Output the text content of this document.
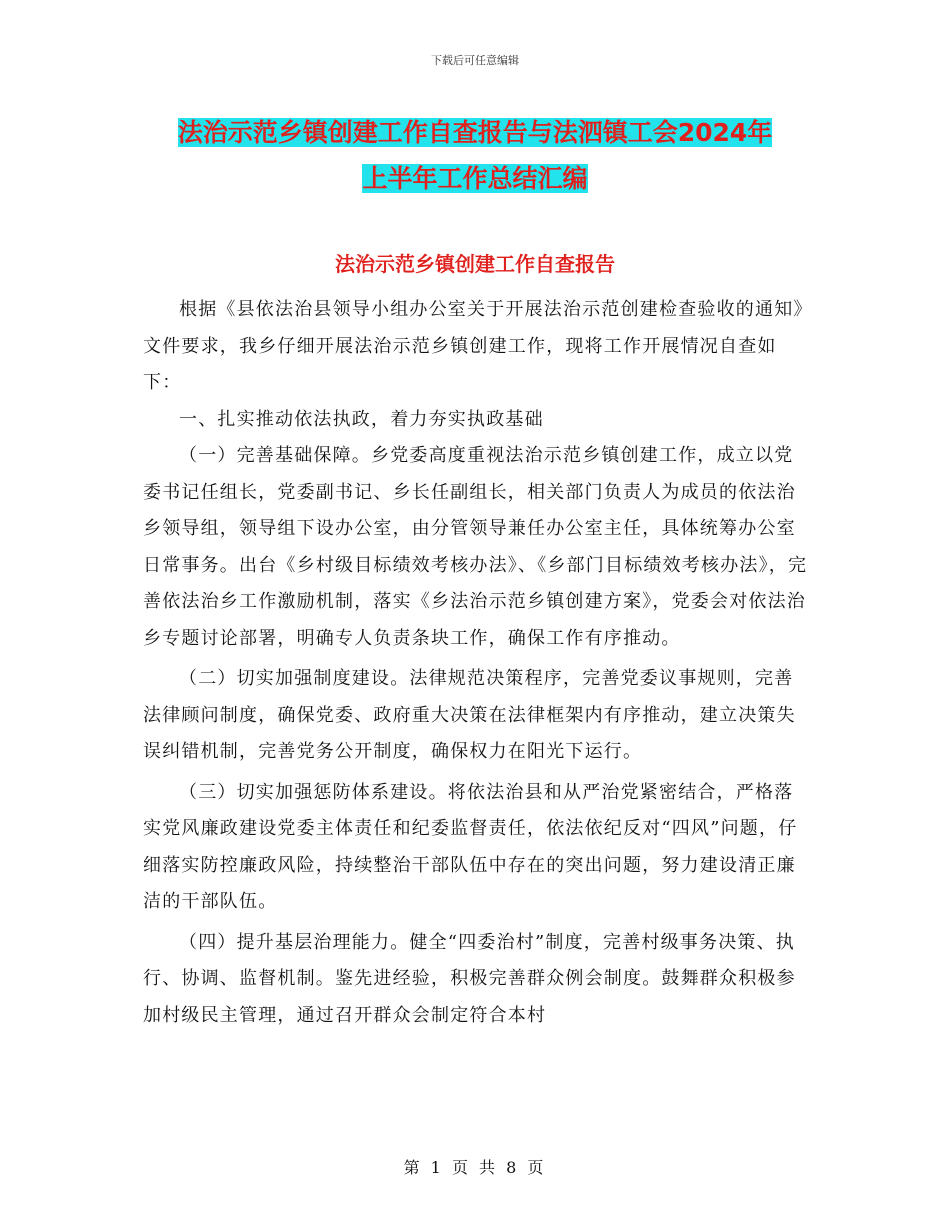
下载后可任意编辑
法治示范乡镇创建工作自查报告与法泗镇工会2024年
上半年工作总结汇编
法治示范乡镇创建工作自查报告

根据《县依法治县领导小组办公室关于开展法治示范创建检查验收的通知》文件要求，我乡仔细开展法治示范乡镇创建工作，现将工作开展情况自查如下：

一、扎实推动依法执政，着力夯实执政基础

（一）完善基础保障。乡党委高度重视法治示范乡镇创建工作，成立以党委书记任组长，党委副书记、乡长任副组长，相关部门负责人为成员的依法治乡领导组，领导组下设办公室，由分管领导兼任办公室主任，具体统筹办公室日常事务。出台《乡村级目标绩效考核办法》、《乡部门目标绩效考核办法》，完善依法治乡工作激励机制，落实《乡法治示范乡镇创建方案》，党委会对依法治乡专题讨论部署，明确专人负责条块工作，确保工作有序推动。

（二）切实加强制度建设。法律规范决策程序，完善党委议事规则，完善法律顾问制度，确保党委、政府重大决策在法律框架内有序推动，建立决策失误纠错机制，完善党务公开制度，确保权力在阳光下运行。

（三）切实加强惩防体系建设。将依法治县和从严治党紧密结合，严格落实党风廉政建设党委主体责任和纪委监督责任，依法依纪反对“四风”问题，仔细落实防控廉政风险，持续整治干部队伍中存在的突出问题，努力建设清正廉洁的干部队伍。

（四）提升基层治理能力。健全“四委治村”制度，完善村级事务决策、执行、协调、监督机制。鉴先进经验，积极完善群众例会制度。鼓舞群众积极参加村级民主管理，通过召开群众会制定符合本村

第 1 页 共 8 页
